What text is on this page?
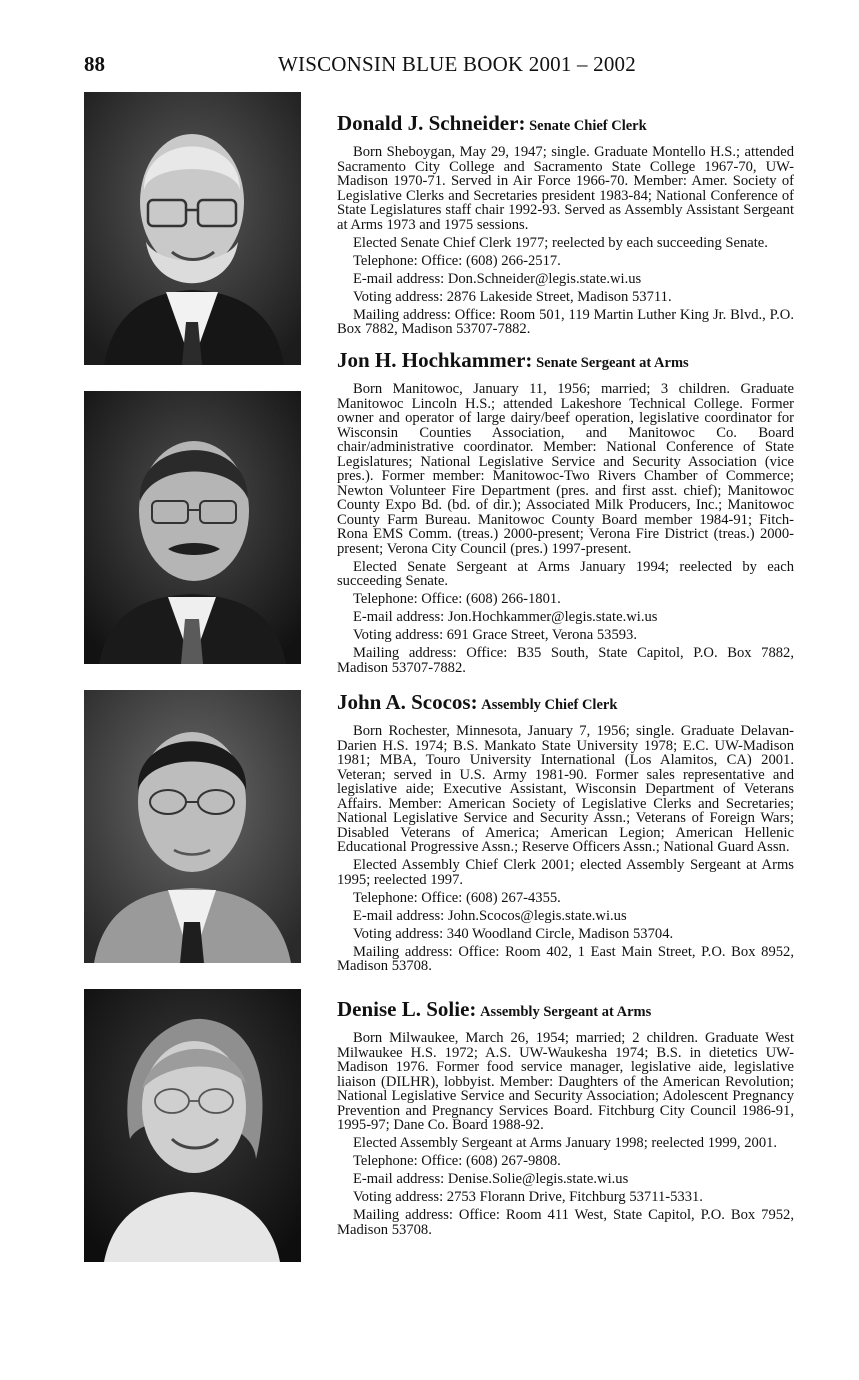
88	WISCONSIN BLUE BOOK 2001 – 2002
Donald J. Schneider: Senate Chief Clerk

Born Sheboygan, May 29, 1947; single. Graduate Montello H.S.; attended Sacramento City College and Sacramento State College 1967-70, UW-Madison 1970-71. Served in Air Force 1966-70. Member: Amer. Society of Legislative Clerks and Secretaries president 1983-84; National Conference of State Legislatures staff chair 1992-93. Served as Assembly Assistant Sergeant at Arms 1973 and 1975 sessions.

Elected Senate Chief Clerk 1977; reelected by each succeeding Senate.

Telephone: Office: (608) 266-2517.

E-mail address: Don.Schneider@legis.state.wi.us

Voting address: 2876 Lakeside Street, Madison 53711.

Mailing address: Office: Room 501, 119 Martin Luther King Jr. Blvd., P.O. Box 7882, Madison 53707-7882.

Jon H. Hochkammer: Senate Sergeant at Arms

Born Manitowoc, January 11, 1956; married; 3 children. Graduate Manitowoc Lincoln H.S.; attended Lakeshore Technical College. Former owner and operator of large dairy/beef operation, legislative coordinator for Wisconsin Counties Association, and Manitowoc Co. Board chair/administrative coordinator. Member: National Conference of State Legislatures; National Legislative Service and Security Association (vice pres.). Former member: Manitowoc-Two Rivers Chamber of Commerce; Newton Volunteer Fire Department (pres. and first asst. chief); Manitowoc County Expo Bd. (bd. of dir.); Associated Milk Producers, Inc.; Manitowoc County Farm Bureau. Manitowoc County Board member 1984-91; Fitch-Rona EMS Comm. (treas.) 2000-present; Verona Fire District (treas.) 2000-present; Verona City Council (pres.) 1997-present.

Elected Senate Sergeant at Arms January 1994; reelected by each succeeding Senate.

Telephone: Office: (608) 266-1801.

E-mail address: Jon.Hochkammer@legis.state.wi.us

Voting address: 691 Grace Street, Verona 53593.

Mailing address: Office: B35 South, State Capitol, P.O. Box 7882, Madison 53707-7882.

John A. Scocos: Assembly Chief Clerk

Born Rochester, Minnesota, January 7, 1956; single. Graduate Delavan-Darien H.S. 1974; B.S. Mankato State University 1978; E.C. UW-Madison 1981; MBA, Touro University International (Los Alamitos, CA) 2001. Veteran; served in U.S. Army 1981-90. Former sales representative and legislative aide; Executive Assistant, Wisconsin Department of Veterans Affairs. Member: American Society of Legislative Clerks and Secretaries; National Legislative Service and Security Assn.; Veterans of Foreign Wars; Disabled Veterans of America; American Legion; American Hellenic Educational Progressive Assn.; Reserve Officers Assn.; National Guard Assn.

Elected Assembly Chief Clerk 2001; elected Assembly Sergeant at Arms 1995; reelected 1997.

Telephone: Office: (608) 267-4355.

E-mail address: John.Scocos@legis.state.wi.us

Voting address: 340 Woodland Circle, Madison 53704.

Mailing address: Office: Room 402, 1 East Main Street, P.O. Box 8952, Madison 53708.

Denise L. Solie: Assembly Sergeant at Arms

Born Milwaukee, March 26, 1954; married; 2 children. Graduate West Milwaukee H.S. 1972; A.S. UW-Waukesha 1974; B.S. in dietetics UW-Madison 1976. Former food service manager, legislative aide, legislative liaison (DILHR), lobbyist. Member: Daughters of the American Revolution; National Legislative Service and Security Association; Adolescent Pregnancy Prevention and Pregnancy Services Board. Fitchburg City Council 1986-91, 1995-97; Dane Co. Board 1988-92.

Elected Assembly Sergeant at Arms January 1998; reelected 1999, 2001.

Telephone: Office: (608) 267-9808.

E-mail address: Denise.Solie@legis.state.wi.us

Voting address: 2753 Florann Drive, Fitchburg 53711-5331.

Mailing address: Office: Room 411 West, State Capitol, P.O. Box 7952, Madison 53708.
